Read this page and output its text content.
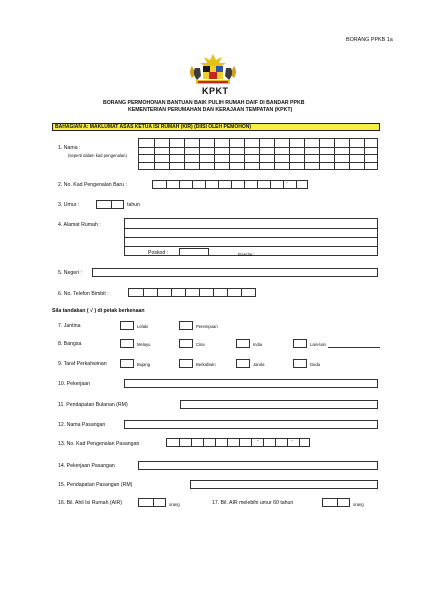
BORANG PPKB 1a
KPKT
BORANG PERMOHONAN BANTUAN BAIK PULIH RUMAH DAIF DI BANDAR PPKB
KEMENTERIAN PERUMAHAN DAN KERAJAAN TEMPATAN (KPKT)
BAHAGIAN A: MAKLUMAT ASAS KETUA ISI RUMAH (KIR) (DIISI OLEH PEMOHON)
1. Nama :
(seperti dalam kad pengenalan)
2. No. Kad Pengenalan Baru :	-	-
3. Umur :	tahun
4. Alamat Rumah :
Poskod :	Bandar :
5. Negeri :
6. No. Telefon Bimbit :	-
Sila tandakan ( √ ) di petak berkenaan
7. Jantina	Lelaki	Perempuan
8. Bangsa	Melayu	Cina	India	Lain-lain
9. Taraf Perkahwinan	Bujang	Berkahwin	Janda	Duda
10. Pekerjaan
11. Pendapatan Bulanan (RM)
12. Nama Pasangan
13. No. Kad Pengenalan Pasangan	-	-
14. Pekerjaan Pasangan
15. Pendapatan Pasangan (RM)
16. Bil. Ahli Isi Rumah (AIR)	orang	17. Bil. AIR melebihi umur 60 tahun	orang
